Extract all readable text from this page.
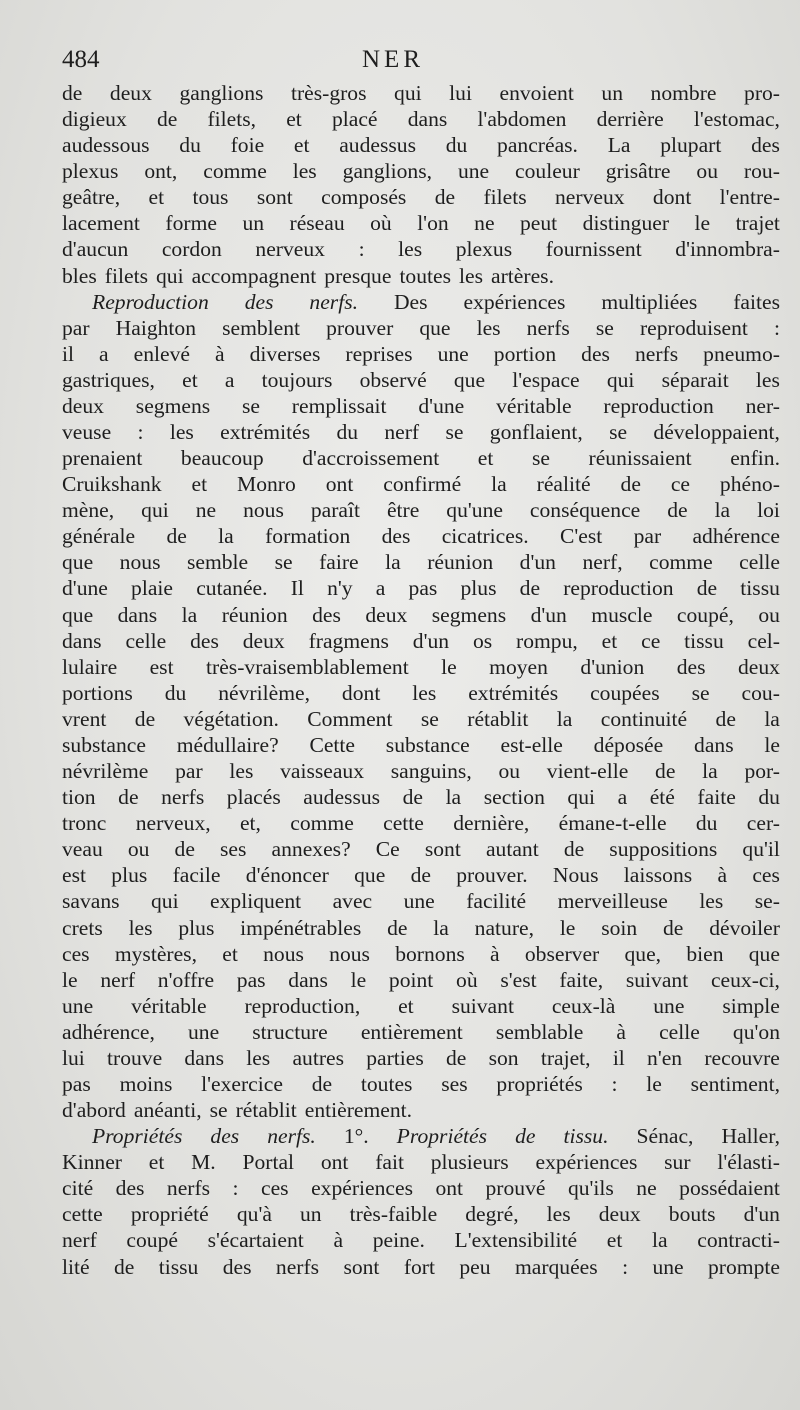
484	NER
de deux ganglions très-gros qui lui envoient un nombre pro-
digieux de filets, et placé dans l'abdomen derrière l'estomac,
audessous du foie et audessus du pancréas. La plupart des
plexus ont, comme les ganglions, une couleur grisâtre ou rou-
geâtre, et tous sont composés de filets nerveux dont l'entre-
lacement forme un réseau où l'on ne peut distinguer le trajet
d'aucun cordon nerveux : les plexus fournissent d'innombra-
bles filets qui accompagnent presque toutes les artères.
Reproduction des nerfs. Des expériences multipliées faites
par Haighton semblent prouver que les nerfs se reproduisent :
il a enlevé à diverses reprises une portion des nerfs pneumo-
gastriques, et a toujours observé que l'espace qui séparait les
deux segmens se remplissait d'une véritable reproduction ner-
veuse : les extrémités du nerf se gonflaient, se développaient,
prenaient beaucoup d'accroissement et se réunissaient enfin.
Cruikshank et Monro ont confirmé la réalité de ce phéno-
mène, qui ne nous paraît être qu'une conséquence de la loi
générale de la formation des cicatrices. C'est par adhérence
que nous semble se faire la réunion d'un nerf, comme celle
d'une plaie cutanée. Il n'y a pas plus de reproduction de tissu
que dans la réunion des deux segmens d'un muscle coupé, ou
dans celle des deux fragmens d'un os rompu, et ce tissu cel-
lulaire est très-vraisemblablement le moyen d'union des deux
portions du névrilème, dont les extrémités coupées se cou-
vrent de végétation. Comment se rétablit la continuité de la
substance médullaire? Cette substance est-elle déposée dans le
névrilème par les vaisseaux sanguins, ou vient-elle de la por-
tion de nerfs placés audessus de la section qui a été faite du
tronc nerveux, et, comme cette dernière, émane-t-elle du cer-
veau ou de ses annexes? Ce sont autant de suppositions qu'il
est plus facile d'énoncer que de prouver. Nous laissons à ces
savans qui expliquent avec une facilité merveilleuse les se-
crets les plus impénétrables de la nature, le soin de dévoiler
ces mystères, et nous nous bornons à observer que, bien que
le nerf n'offre pas dans le point où s'est faite, suivant ceux-ci,
une véritable reproduction, et suivant ceux-là une simple
adhérence, une structure entièrement semblable à celle qu'on
lui trouve dans les autres parties de son trajet, il n'en recouvre
pas moins l'exercice de toutes ses propriétés : le sentiment,
d'abord anéanti, se rétablit entièrement.
Propriétés des nerfs. 1°. Propriétés de tissu. Sénac, Haller,
Kinner et M. Portal ont fait plusieurs expériences sur l'élasti-
cité des nerfs : ces expériences ont prouvé qu'ils ne possédaient
cette propriété qu'à un très-faible degré, les deux bouts d'un
nerf coupé s'écartaient à peine. L'extensibilité et la contracti-
lité de tissu des nerfs sont fort peu marquées : une prompte
